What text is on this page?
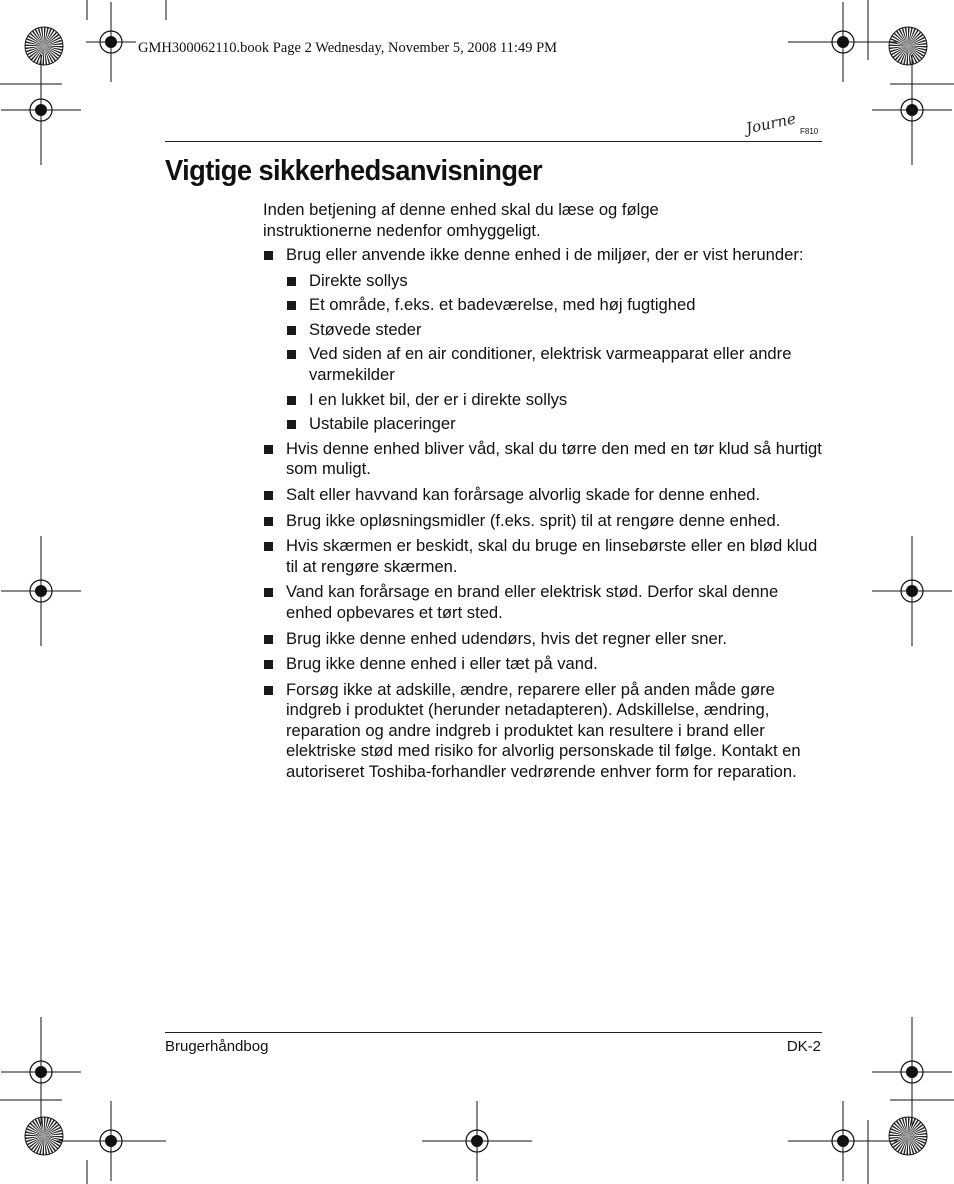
GMH300062110.book Page 2 Wednesday, November 5, 2008 11:49 PM
Journe F810
Vigtige sikkerhedsanvisninger
Inden betjening af denne enhed skal du læse og følge instruktionerne nedenfor omhyggeligt.
Brug eller anvende ikke denne enhed i de miljøer, der er vist herunder:
Direkte sollys
Et område, f.eks. et badeværelse, med høj fugtighed
Støvede steder
Ved siden af en air conditioner, elektrisk varmeapparat eller andre varmekilder
I en lukket bil, der er i direkte sollys
Ustabile placeringer
Hvis denne enhed bliver våd, skal du tørre den med en tør klud så hurtigt som muligt.
Salt eller havvand kan forårsage alvorlig skade for denne enhed.
Brug ikke opløsningsmidler (f.eks. sprit) til at rengøre denne enhed.
Hvis skærmen er beskidt, skal du bruge en linsebørste eller en blød klud til at rengøre skærmen.
Vand kan forårsage en brand eller elektrisk stød. Derfor skal denne enhed opbevares et tørt sted.
Brug ikke denne enhed udendørs, hvis det regner eller sner.
Brug ikke denne enhed i eller tæt på vand.
Forsøg ikke at adskille, ændre, reparere eller på anden måde gøre indgreb i produktet (herunder netadapteren). Adskillelse, ændring, reparation og andre indgreb i produktet kan resultere i brand eller elektriske stød med risiko for alvorlig personskade til følge. Kontakt en autoriseret Toshiba-forhandler vedrørende enhver form for reparation.
Brugerhåndbog	DK-2
